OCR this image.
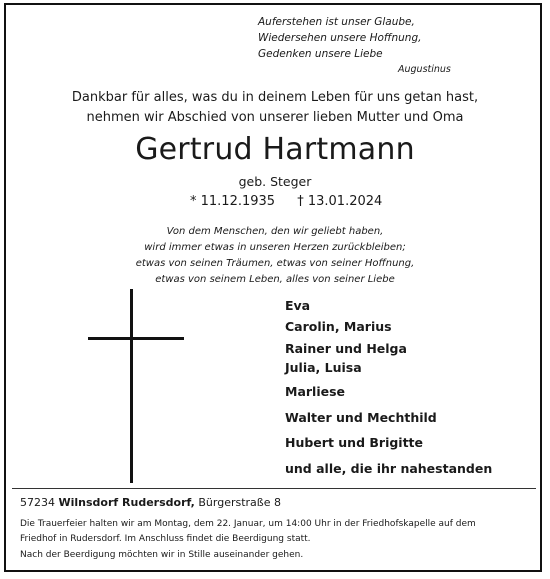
Auferstehen ist unser Glaube,
Wiedersehen unsere Hoffnung,
Gedenken unsere Liebe
Augustinus
Dankbar für alles, was du in deinem Leben für uns getan hast,
nehmen wir Abschied von unserer lieben Mutter und Oma
Gertrud Hartmann
geb. Steger
* 11.12.1935 † 13.01.2024
Von dem Menschen, den wir geliebt haben,
wird immer etwas in unseren Herzen zurückbleiben;
etwas von seinen Träumen, etwas von seiner Hoffnung,
etwas von seinem Leben, alles von seiner Liebe
Eva
Carolin, Marius
Rainer und Helga
Julia, Luisa
Marliese
Walter und Mechthild
Hubert und Brigitte
und alle, die ihr nahestanden
57234 Wilnsdorf Rudersdorf, Bürgerstraße 8
Die Trauerfeier halten wir am Montag, dem 22. Januar, um 14:00 Uhr in der Friedhofskapelle auf dem
Friedhof in Rudersdorf. Im Anschluss findet die Beerdigung statt.
Nach der Beerdigung möchten wir in Stille auseinander gehen.
